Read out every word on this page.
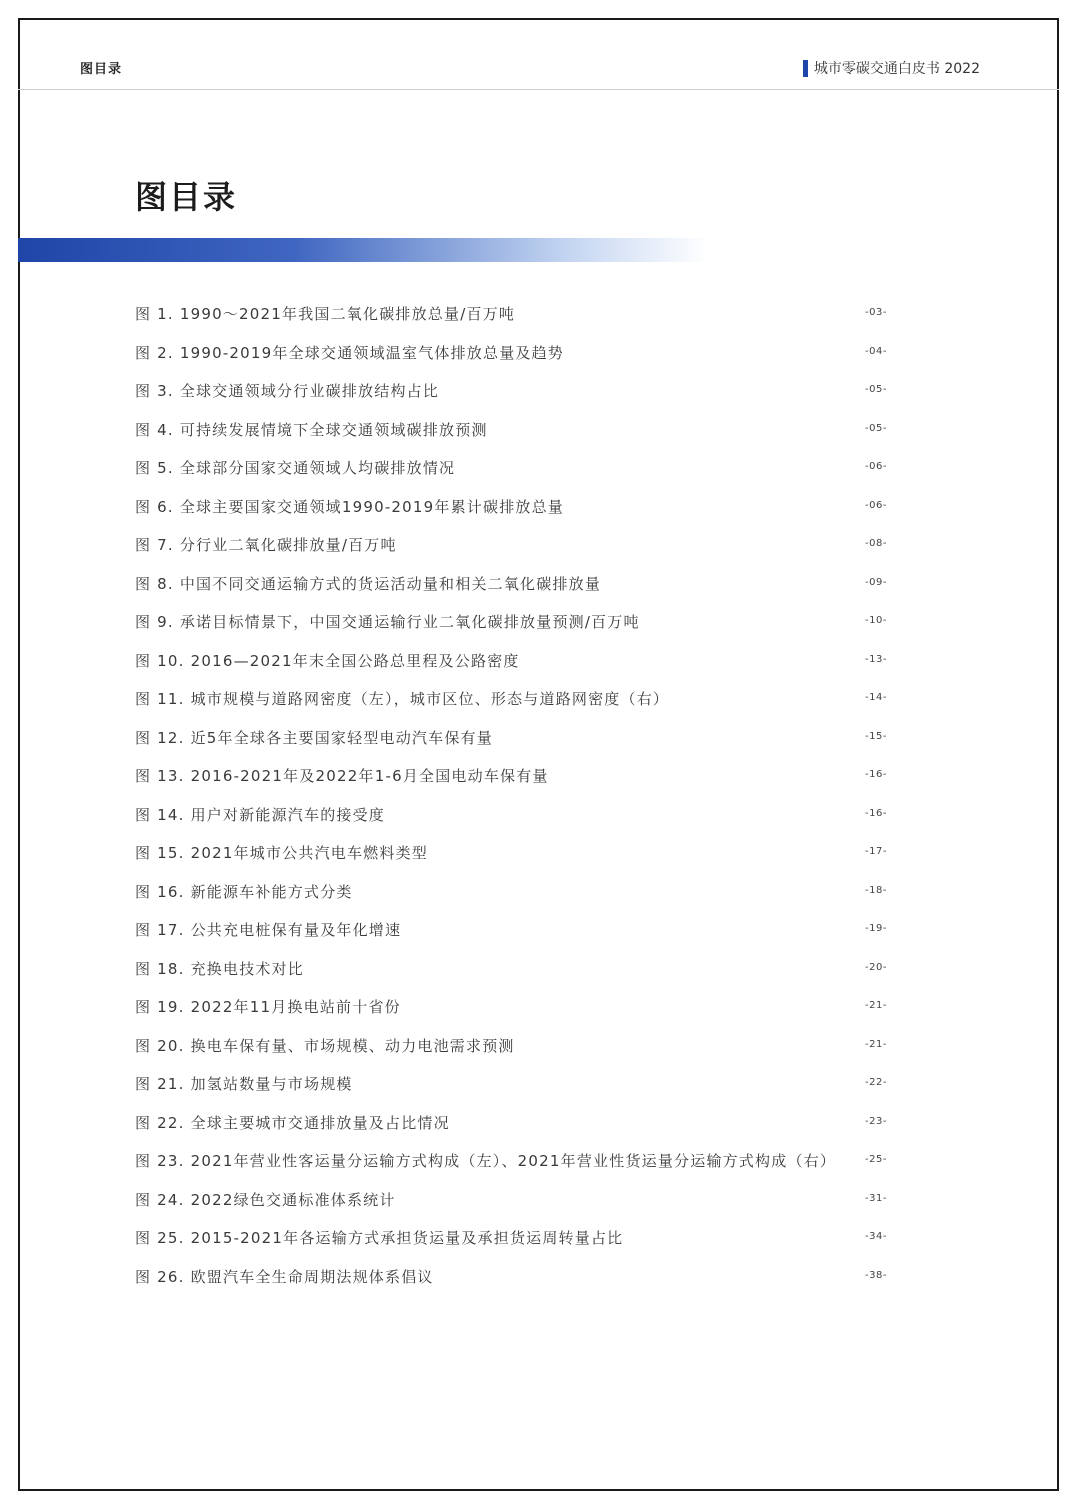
图目录	城市零碳交通白皮书 2022
图目录
图 1. 1990～2021年我国二氧化碳排放总量/百万吨	-03-
图 2. 1990-2019年全球交通领域温室气体排放总量及趋势	-04-
图 3. 全球交通领域分行业碳排放结构占比	-05-
图 4. 可持续发展情境下全球交通领域碳排放预测	-05-
图 5. 全球部分国家交通领域人均碳排放情况	-06-
图 6. 全球主要国家交通领域1990-2019年累计碳排放总量	-06-
图 7. 分行业二氧化碳排放量/百万吨	-08-
图 8. 中国不同交通运输方式的货运活动量和相关二氧化碳排放量	-09-
图 9. 承诺目标情景下，中国交通运输行业二氧化碳排放量预测/百万吨	-10-
图 10. 2016—2021年末全国公路总里程及公路密度	-13-
图 11. 城市规模与道路网密度（左），城市区位、形态与道路网密度（右）	-14-
图 12. 近5年全球各主要国家轻型电动汽车保有量	-15-
图 13. 2016-2021年及2022年1-6月全国电动车保有量	-16-
图 14. 用户对新能源汽车的接受度	-16-
图 15. 2021年城市公共汽电车燃料类型	-17-
图 16. 新能源车补能方式分类	-18-
图 17. 公共充电桩保有量及年化增速	-19-
图 18. 充换电技术对比	-20-
图 19. 2022年11月换电站前十省份	-21-
图 20. 换电车保有量、市场规模、动力电池需求预测	-21-
图 21. 加氢站数量与市场规模	-22-
图 22. 全球主要城市交通排放量及占比情况	-23-
图 23. 2021年营业性客运量分运输方式构成（左）、2021年营业性货运量分运输方式构成（右）	-25-
图 24. 2022绿色交通标准体系统计	-31-
图 25. 2015-2021年各运输方式承担货运量及承担货运周转量占比	-34-
图 26. 欧盟汽车全生命周期法规体系倡议	-38-
